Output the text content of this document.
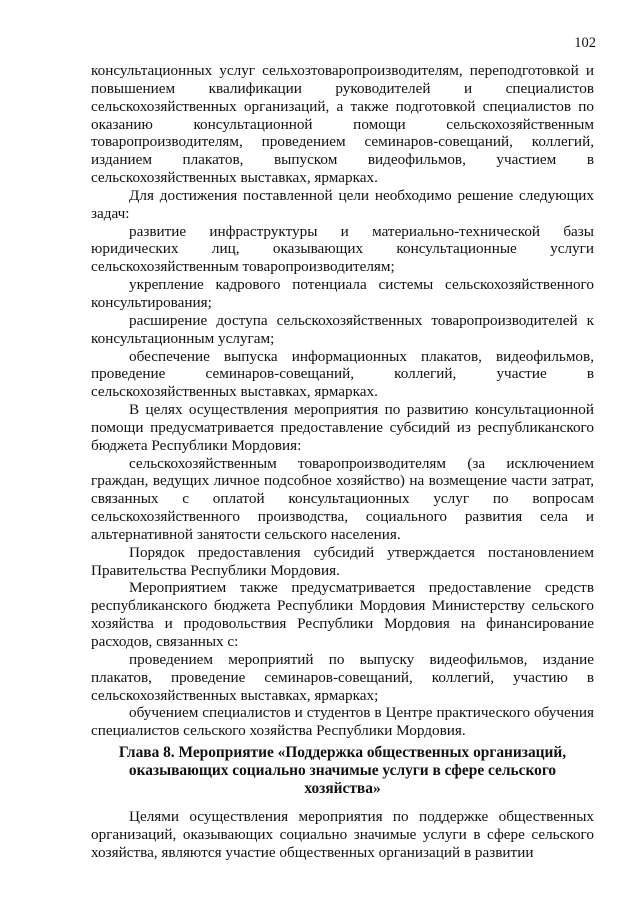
102

консультационных услуг сельхозтоваропроизводителям, переподготовкой и повышением квалификации руководителей и специалистов сельскохозяйственных организаций, а также подготовкой специалистов по оказанию консультационной помощи сельскохозяйственным товаропроизводителям, проведением семинаров-совещаний, коллегий, изданием плакатов, выпуском видеофильмов, участием в сельскохозяйственных выставках, ярмарках.

Для достижения поставленной цели необходимо решение следующих задач:

развитие инфраструктуры и материально-технической базы юридических лиц, оказывающих консультационные услуги сельскохозяйственным товаропроизводителям;

укрепление кадрового потенциала системы сельскохозяйственного консультирования;

расширение доступа сельскохозяйственных товаропроизводителей к консультационным услугам;

обеспечение выпуска информационных плакатов, видеофильмов, проведение семинаров-совещаний, коллегий, участие в сельскохозяйственных выставках, ярмарках.

В целях осуществления мероприятия по развитию консультационной помощи предусматривается предоставление субсидий из республиканского бюджета Республики Мордовия:

сельскохозяйственным товаропроизводителям (за исключением граждан, ведущих личное подсобное хозяйство) на возмещение части затрат, связанных с оплатой консультационных услуг по вопросам сельскохозяйственного производства, социального развития села и альтернативной занятости сельского населения.

Порядок предоставления субсидий утверждается постановлением Правительства Республики Мордовия.

Мероприятием также предусматривается предоставление средств республиканского бюджета Республики Мордовия Министерству сельского хозяйства и продовольствия Республики Мордовия на финансирование расходов, связанных с:

проведением мероприятий по выпуску видеофильмов, издание плакатов, проведение семинаров-совещаний, коллегий, участию в сельскохозяйственных выставках, ярмарках;

обучением специалистов и студентов в Центре практического обучения специалистов сельского хозяйства Республики Мордовия.

Глава 8. Мероприятие «Поддержка общественных организаций, оказывающих социально значимые услуги в сфере сельского хозяйства»

Целями осуществления мероприятия по поддержке общественных организаций, оказывающих социально значимые услуги в сфере сельского хозяйства, являются участие общественных организаций в развитии
